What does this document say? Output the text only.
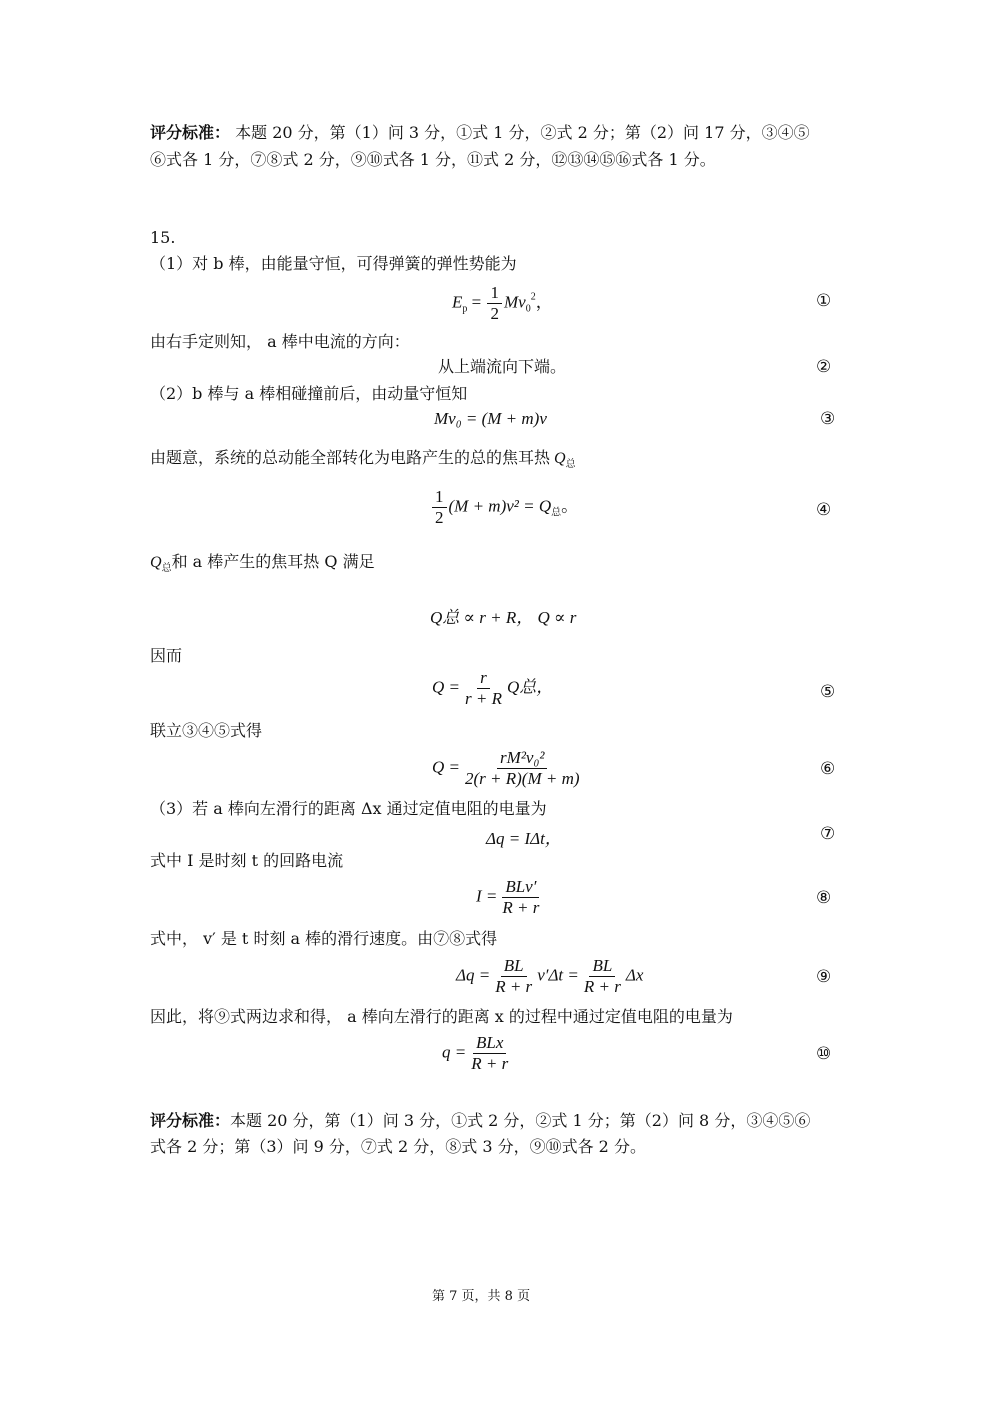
评分标准： 本题 20 分，第（1）问 3 分，①式 1 分，②式 2 分；第（2）问 17 分，③④⑤
⑥式各 1 分，⑦⑧式 2 分，⑨⑩式各 1 分，⑪式 2 分，⑫⑬⑭⑮⑯式各 1 分。
15.
（1）对 b 棒，由能量守恒，可得弹簧的弹性势能为
$E_p = \frac{1}{2} Mv_0^2$，	①
由右手定则知， a 棒中电流的方向：
从上端流向下端。	②
（2）b 棒与 a 棒相碰撞前后，由动量守恒知
Mv₀ = (M + m)v	③
由题意，系统的总动能全部转化为电路产生的总的焦耳热 $Q_总$
$\frac{1}{2} (M + m)v^2 = Q_总$。	④
$Q_总$和 a 棒产生的焦耳热 Q 满足
Q总 ∝ r + R， Q ∝ r
因而
$Q = \frac{r}{r + R}$ Q总，	⑤
联立③④⑤式得
$Q = \frac{\text{rM²v₀²}}{2(r + R)(M + m)}$	⑥
（3）若 a 棒向左滑行的距离 Δx 通过定值电阻的电量为
Δq = IΔt，	⑦
式中 I 是时刻 t 的回路电流
$I = \frac{\text{BLv′}}{R + r}$	⑧
式中， v′ 是 t 时刻 a 棒的滑行速度。由⑦⑧式得
$\Delta q = \frac{BL}{R + r} v'\Delta t = \frac{BL}{R + r}$ Δx	⑨
因此，将⑨式两边求和得， a 棒向左滑行的距离 x 的过程中通过定值电阻的电量为
$q = \frac{\text{BLx}}{R + r}$	⑩
评分标准：本题 20 分，第（1）问 3 分，①式 2 分，②式 1 分；第（2）问 8 分，③④⑤⑥
式各 2 分；第（3）问 9 分，⑦式 2 分，⑧式 3 分，⑨⑩式各 2 分。
第 7 页，共 8 页
